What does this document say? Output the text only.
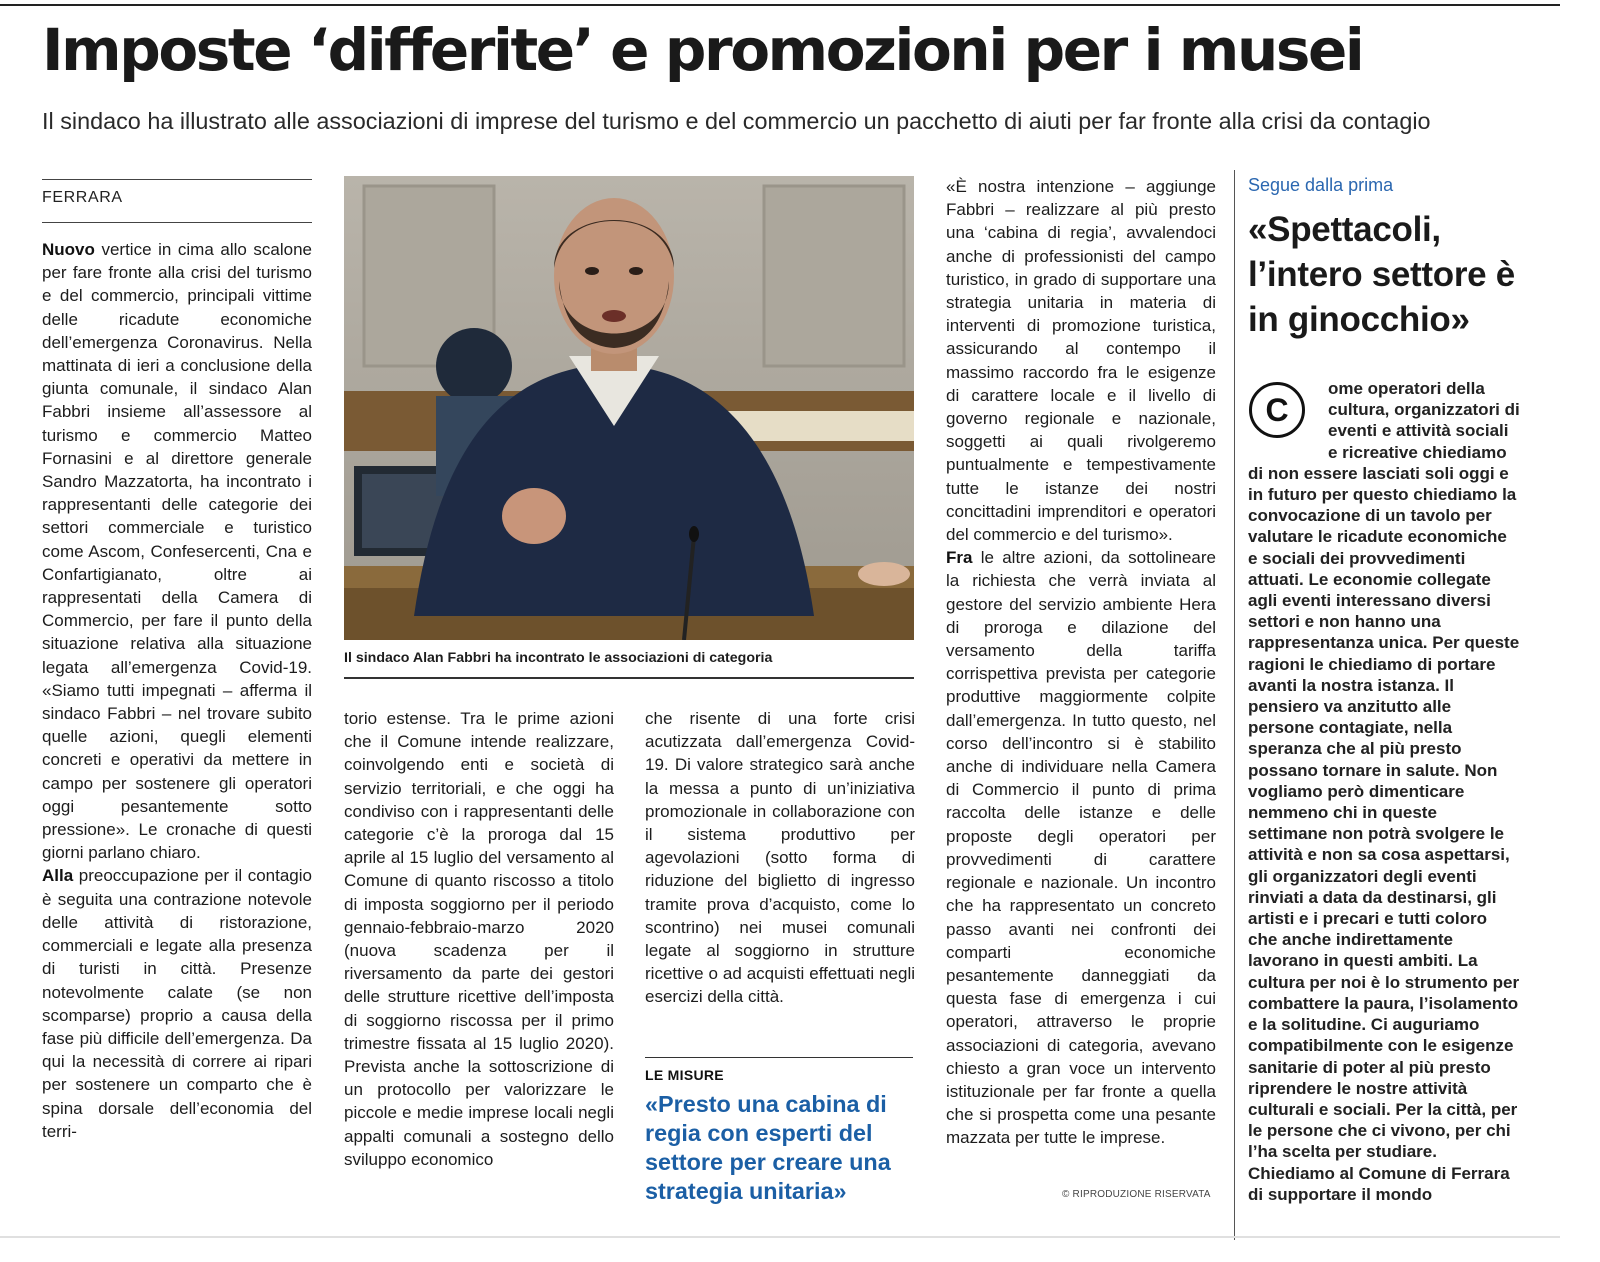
Imposte ‘differite’ e promozioni per i musei

Il sindaco ha illustrato alle associazioni di imprese del turismo e del commercio un pacchetto di aiuti per far fronte alla crisi da contagio

FERRARA

Nuovo vertice in cima allo scalone per fare fronte alla crisi del turismo e del commercio, principali vittime delle ricadute economiche dell’emergenza Coronavirus. Nella mattinata di ieri a conclusione della giunta comunale, il sindaco Alan Fabbri insieme all’assessore al turismo e commercio Matteo Fornasini e al direttore generale Sandro Mazzatorta, ha incontrato i rappresentanti delle categorie dei settori commerciale e turistico come Ascom, Confesercenti, Cna e Confartigianato, oltre ai rappresentati della Camera di Commercio, per fare il punto della situazione relativa alla situazione legata all’emergenza Covid-19. «Siamo tutti impegnati – afferma il sindaco Fabbri – nel trovare subito quelle azioni, quegli elementi concreti e operativi da mettere in campo per sostenere gli operatori oggi pesantemente sotto pressione». Le cronache di questi giorni parlano chiaro.

Alla preoccupazione per il contagio è seguita una contrazione notevole delle attività di ristorazione, commerciali e legate alla presenza di turisti in città. Presenze notevolmente calate (se non scomparse) proprio a causa della fase più difficile dell’emergenza. Da qui la necessità di correre ai ripari per sostenere un comparto che è spina dorsale dell’economia del terri-

Il sindaco Alan Fabbri ha incontrato le associazioni di categoria

torio estense. Tra le prime azioni che il Comune intende realizzare, coinvolgendo enti e società di servizio territoriali, e che oggi ha condiviso con i rappresentanti delle categorie c’è la proroga dal 15 aprile al 15 luglio del versamento al Comune di quanto riscosso a titolo di imposta soggiorno per il periodo gennaio-febbraio-marzo 2020 (nuova scadenza per il riversamento da parte dei gestori delle strutture ricettive dell’imposta di soggiorno riscossa per il primo trimestre fissata al 15 luglio 2020). Prevista anche la sottoscrizione di un protocollo per valorizzare le piccole e medie imprese locali negli appalti comunali a sostegno dello sviluppo economico

che risente di una forte crisi acutizzata dall’emergenza Covid-19. Di valore strategico sarà anche la messa a punto di un’iniziativa promozionale in collaborazione con il sistema produttivo per agevolazioni (sotto forma di riduzione del biglietto di ingresso tramite prova d’acquisto, come lo scontrino) nei musei comunali legate al soggiorno in strutture ricettive o ad acquisti effettuati negli esercizi della città.

LE MISURE

«Presto una cabina di regia con esperti del settore per creare una strategia unitaria»

«È nostra intenzione – aggiunge Fabbri – realizzare al più presto una ‘cabina di regia’, avvalendoci anche di professionisti del campo turistico, in grado di supportare una strategia unitaria in materia di interventi di promozione turistica, assicurando al contempo il massimo raccordo fra le esigenze di carattere locale e il livello di governo regionale e nazionale, soggetti ai quali rivolgeremo puntualmente e tempestivamente tutte le istanze dei nostri concittadini imprenditori e operatori del commercio e del turismo».

Fra le altre azioni, da sottolineare la richiesta che verrà inviata al gestore del servizio ambiente Hera di proroga e dilazione del versamento della tariffa corrispettiva prevista per categorie produttive maggiormente colpite dall’emergenza. In tutto questo, nel corso dell’incontro si è stabilito anche di individuare nella Camera di Commercio il punto di prima raccolta delle istanze e delle proposte degli operatori per provvedimenti di carattere regionale e nazionale. Un incontro che ha rappresentato un concreto passo avanti nei confronti dei comparti economiche pesantemente danneggiati da questa fase di emergenza i cui operatori, attraverso le proprie associazioni di categoria, avevano chiesto a gran voce un intervento istituzionale per far fronte a quella che si prospetta come una pesante mazzata per tutte le imprese.

© RIPRODUZIONE RISERVATA
Segue dalla prima
«Spettacoli, l’intero settore è in ginocchio»

ome operatori della cultura, organizzatori di eventi e attività sociali e ricreative chiediamo di non essere lasciati soli oggi e in futuro per questo chiediamo la convocazione di un tavolo per valutare le ricadute economiche e sociali dei provvedimenti attuati. Le economie collegate agli eventi interessano diversi settori e non hanno una rappresentanza unica. Per queste ragioni le chiediamo di portare avanti la nostra istanza. Il pensiero va anzitutto alle persone contagiate, nella speranza che al più presto possano tornare in salute. Non vogliamo però dimenticare nemmeno chi in queste settimane non potrà svolgere le attività e non sa cosa aspettarsi, gli organizzatori degli eventi rinviati a data da destinarsi, gli artisti e i precari e tutti coloro che anche indirettamente lavorano in questi ambiti. La cultura per noi è lo strumento per combattere la paura, l’isolamento e la solitudine. Ci auguriamo compatibilmente con le esigenze sanitarie di poter al più presto riprendere le nostre attività culturali e sociali. Per la città, per le persone che ci vivono, per chi l’ha scelta per studiare. Chiediamo al Comune di Ferrara di supportare il mondo

C
